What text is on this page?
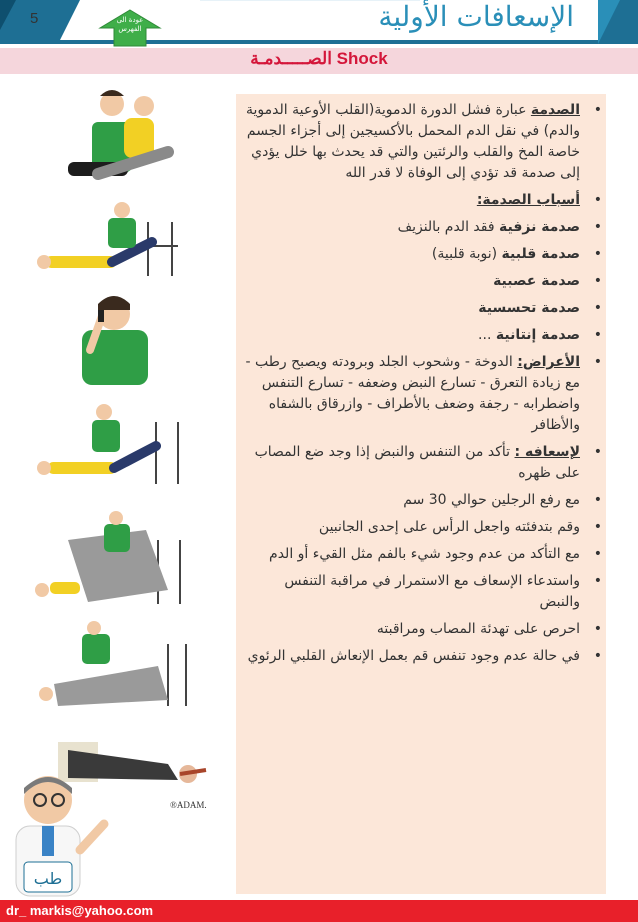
5	عودة الى الفهرس	الإسعافات الأولية
الصـــــدمـة Shock
®ADAM.
طب
• الصدمة عبارة فشل الدورة الدموية(القلب الأوعية الدموية والدم) في نقل الدم المحمل بالأكسيجين إلى أجزاء الجسم خاصة المخ والقلب والرئتين والتي قد يحدث بها خلل يؤدي إلى صدمة قد تؤدي إلى الوفاة لا قدر الله
• أسباب الصدمة:
• صدمة نزفية فقد الدم بالنزيف
• صدمة قلبية (نوبة قلبية)
• صدمة عصبية
• صدمة تحسسية
• صدمة إنتانية ...
• الأعراض: الدوخة - وشحوب الجلد وبرودته ويصبح رطب - مع زيادة التعرق - تسارع النبض وضعفه - تسارع التنفس واضطرابه - رجفة وضعف بالأطراف - وازرقاق بالشفاه والأظافر
• لإسعافه : تأكد من التنفس والنبض إذا وجد ضع المصاب على ظهره
• مع رفع الرجلين حوالي 30 سم
• وقم بتدفئته واجعل الرأس على إحدى الجانبين
• مع التأكد من عدم وجود شيء بالفم مثل القيء أو الدم
• واستدعاء الإسعاف مع الاستمرار في مراقبة التنفس والنبض
• احرص على تهدئة المصاب ومراقبته
• في حالة عدم وجود تنفس قم بعمل الإنعاش القلبي الرئوي
dr_ markis@yahoo.com
